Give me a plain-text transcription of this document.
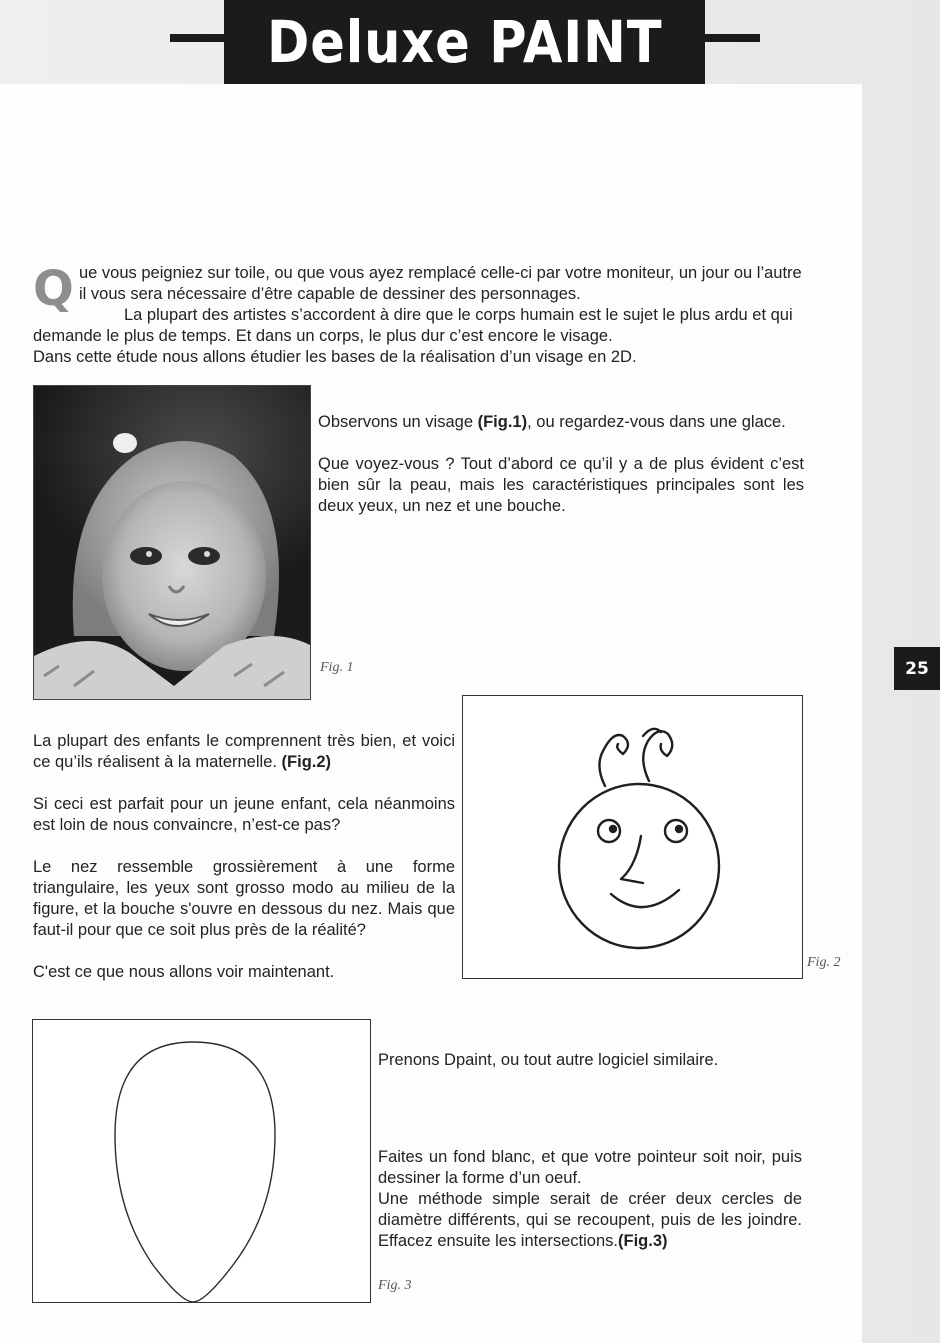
Deluxe PAINT
25
Q ue vous peigniez sur toile, ou que vous ayez remplacé celle-ci par votre moniteur, un jour ou l’autre il vous sera nécessaire d’être capable de dessiner des personnages.

La plupart des artistes s’accordent à dire que le corps humain est le sujet le plus ardu et qui demande le plus de temps. Et dans un corps, le plus dur c’est encore le visage.

Dans cette étude nous allons étudier les bases de la réalisation d’un visage en 2D.

Fig. 1

Observons un visage (Fig.1), ou regardez-vous dans une glace.

Que voyez-vous ? Tout d’abord ce qu’il y a de plus évident c’est bien sûr la peau, mais les caractéristiques principales sont les deux yeux, un nez et une bouche.

La plupart des enfants le comprennent très bien, et voici ce qu’ils réalisent à la maternelle. (Fig.2)

Si ceci est parfait pour un jeune enfant, cela néanmoins est loin de nous convaincre, n’est-ce pas?

Le nez ressemble grossièrement à une forme triangulaire, les yeux sont grosso modo au milieu de la figure, et la bouche s'ouvre en dessous du nez. Mais que faut-il pour que ce soit plus près de la réalité?

C'est ce que nous allons voir maintenant.

Fig. 2
Fig. 3

Prenons Dpaint, ou tout autre logiciel similaire.

Faites un fond blanc, et que votre pointeur soit noir, puis dessiner la forme d’un oeuf.
Une méthode simple serait de créer deux cercles de diamètre différents, qui se recoupent, puis de les joindre. Effacez ensuite les intersections.(Fig.3)
